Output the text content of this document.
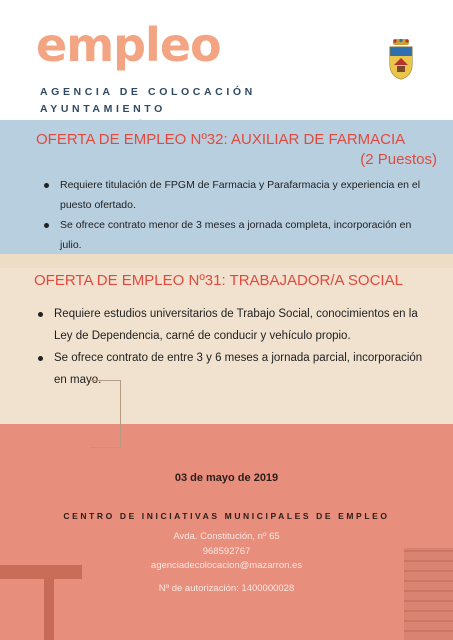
empleo
AGENCIA DE COLOCACIÓN AYUNTAMIENTO
OFERTA DE EMPLEO Nº32: AUXILIAR DE FARMACIA
(2 Puestos)
Requiere titulación de FPGM de Farmacia y Parafarmacia y experiencia en el puesto ofertado.
Se ofrece contrato menor de 3 meses a jornada completa, incorporación en julio.
OFERTA DE EMPLEO Nº31: TRABAJADOR/A SOCIAL
Requiere estudios universitarios de Trabajo Social, conocimientos en la Ley de Dependencia, carné de conducir y vehículo propio.
Se ofrece contrato de entre 3 y 6 meses a jornada parcial, incorporación en mayo.
03 de mayo de 2019
CENTRO DE INICIATIVAS MUNICIPALES DE EMPLEO
Avda. Constitución, nº 65
968592767
agenciadecolocacion@mazarron.es
Nº de autorización: 1400000028
